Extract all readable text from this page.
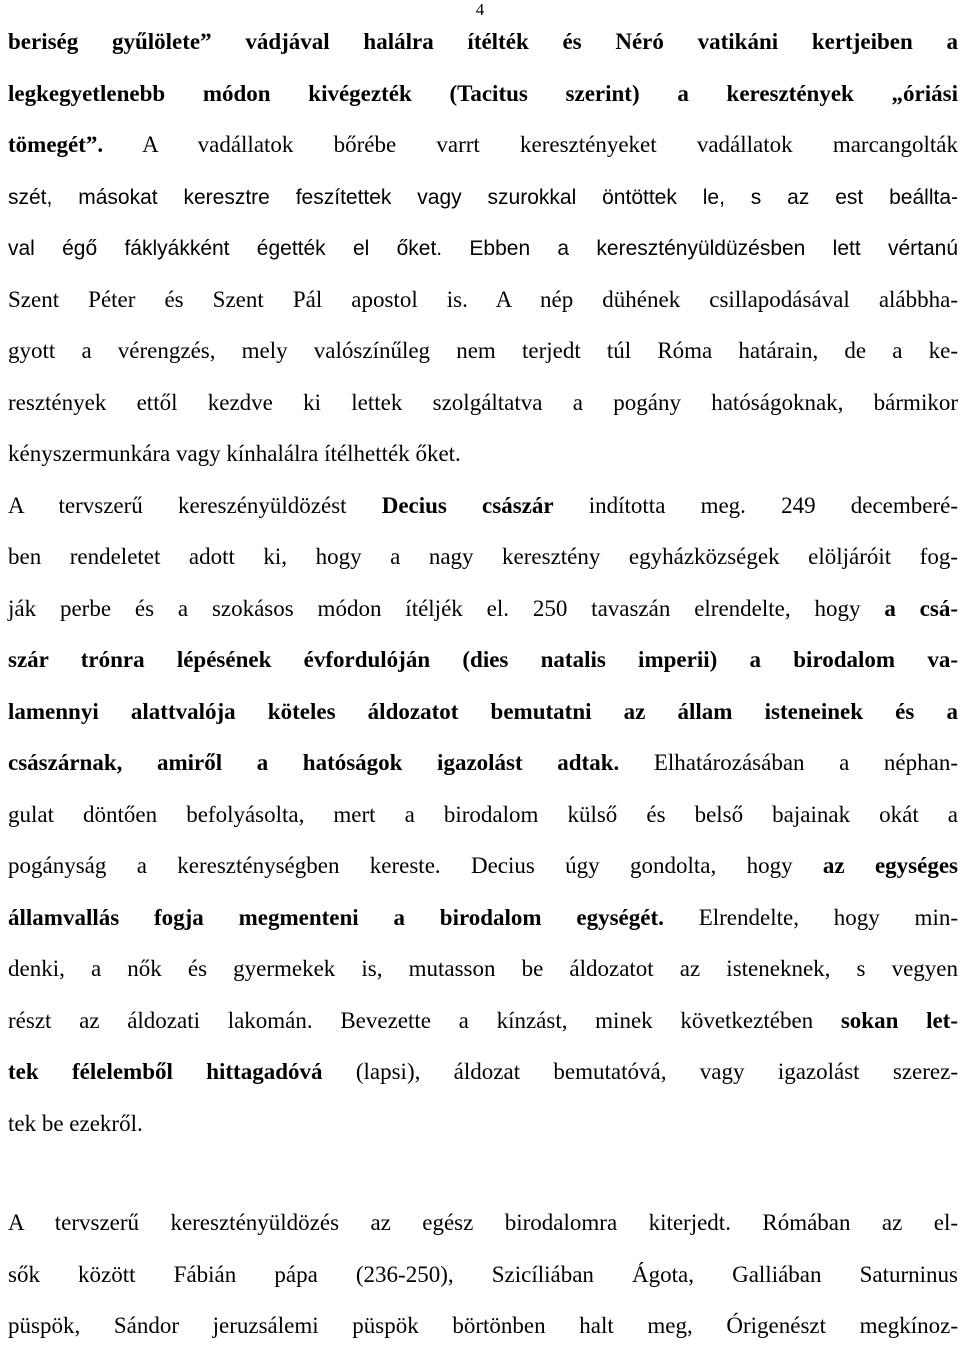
4
beriség gyűlölete” vádjával halálra ítélték és Néró vatikáni kertjeiben a
legkegyetlenebb módon kivégezték (Tacitus szerint) a keresztények „óriási
tömegét”. A vadállatok bőrébe varrt keresztényeket vadállatok marcangolták
szét, másokat keresztre feszítettek vagy szurokkal öntöttek le, s az est beállta-
val égő fáklyákként égették el őket. Ebben a keresztényüldüzésben lett vértanú
Szent Péter és Szent Pál apostol is. A nép dühének csillapodásával alábbha-
gyott a vérengzés, mely valószínűleg nem terjedt túl Róma határain, de a ke-
resztények ettől kezdve ki lettek szolgáltatva a pogány hatóságoknak, bármikor
kényszermunkára vagy kínhalálra ítélhették őket.
A tervszerű kereszényüldözést Decius császár indította meg. 249 decemberé-
ben rendeletet adott ki, hogy a nagy keresztény egyházközségek elöljáróit fog-
ják perbe és a szokásos módon ítéljék el. 250 tavaszán elrendelte, hogy a csá-
szár trónra lépésének évfordulóján (dies natalis imperii) a birodalom va-
lamennyi alattvalója köteles áldozatot bemutatni az állam isteneinek és a
császárnak, amiről a hatóságok igazolást adtak. Elhatározásában a néphan-
gulat döntően befolyásolta, mert a birodalom külső és belső bajainak okát a
pogányság a kereszténységben kereste. Decius úgy gondolta, hogy az egységes
államvallás fogja megmenteni a birodalom egységét. Elrendelte, hogy min-
denki, a nők és gyermekek is, mutasson be áldozatot az isteneknek, s vegyen
részt az áldozati lakomán. Bevezette a kínzást, minek következtében sokan let-
tek félelemből hittagadóvá (lapsi), áldozat bemutatóvá, vagy igazolást szerez-
tek be ezekről.
A tervszerű keresztényüldözés az egész birodalomra kiterjedt. Rómában az el-
sők között Fábián pápa (236-250), Szicíliában Ágota, Galliában Saturninus
püspök, Sándor jeruzsálemi püspök börtönben halt meg, Órigenészt megkínoz-
